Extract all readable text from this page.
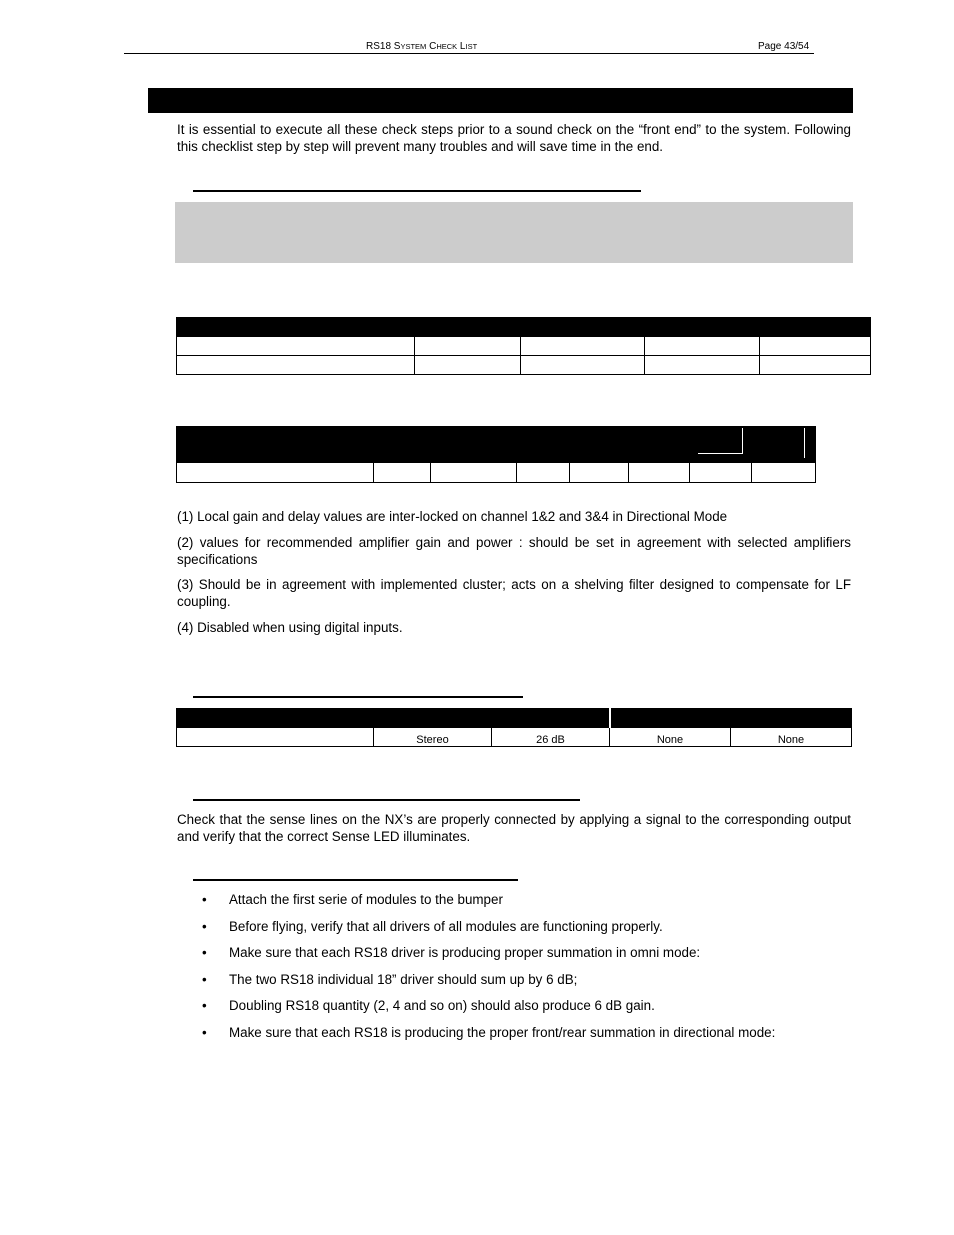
RS18 SYSTEM CHECK LIST	Page 43/54
It is essential to execute all these check steps prior to a sound check on the “front end” to the system. Following this checklist step by step will prevent many troubles and will save time in the end.

(1) Local gain and delay values are inter-locked on channel 1&2 and 3&4 in Directional Mode
(2) values for recommended amplifier gain and power : should be set in agreement with selected amplifiers specifications
(3) Should be in agreement with implemented cluster; acts on a shelving filter designed to compensate for LF coupling.
(4) Disabled when using digital inputs.

	Stereo	26 dB	None	None
Check that the sense lines on the NX’s are properly connected by applying a signal to the corresponding output and verify that the correct Sense LED illuminates.
• Attach the first serie of modules to the bumper
• Before flying, verify that all drivers of all modules are functioning properly.
• Make sure that each RS18 driver is producing proper summation in omni mode:
• The two RS18 individual 18” driver should sum up by 6 dB;
• Doubling RS18 quantity (2, 4 and so on) should also produce 6 dB gain.
• Make sure that each RS18 is producing the proper front/rear summation in directional mode:
